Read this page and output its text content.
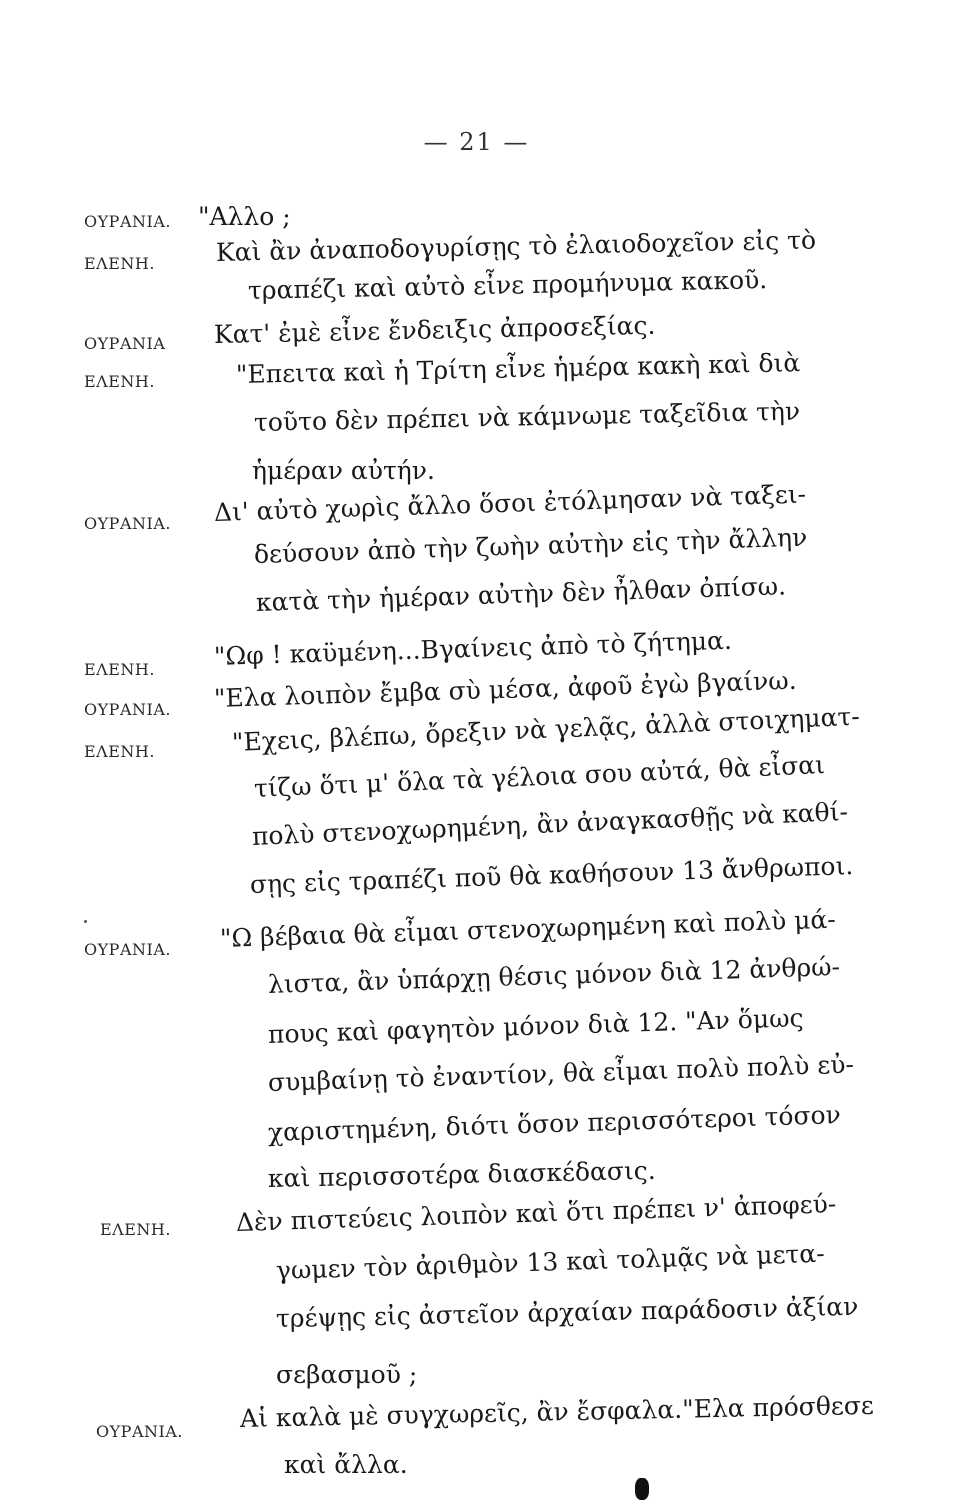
— 21 —
ΟΥΡΑΝΙΑ. "Αλλο ;
ΕΛΕΝΗ. Καὶ ἂν ἀναποδογυρίσῃς τὸ ἐλαιοδοχεῖον εἰς τὸ
τραπέζι καὶ αὐτὸ εἶνε προμήνυμα κακοῦ.
ΟΥΡΑΝΙΑ Κατ' ἐμὲ εἶνε ἔνδειξις ἀπροσεξίας.
ΕΛΕΝΗ.	"Επειτα καὶ ἡ Τρίτη εἶνε ἡμέρα κακὴ καὶ διὰ
τοῦτο δὲν πρέπει νὰ κάμνωμε ταξεῖδια τὴν
ἡμέραν αὐτήν.
ΟΥΡΑΝΙΑ. Δι' αὐτὸ χωρὶς ἄλλο ὅσοι ἐτόλμησαν νὰ ταξει-
δεύσουν ἀπὸ τὴν ζωὴν αὐτὴν εἰς τὴν ἄλλην
κατὰ τὴν ἡμέραν αὐτὴν δὲν ἦλθαν ὀπίσω.
ΕΛΕΝΗ. "Ωφ ! καϋμένη...Βγαίνεις ἀπὸ τὸ ζήτημα.
ΟΥΡΑΝΙΑ. "Ελα λοιπὸν ἔμβα σὺ μέσα, ἀφοῦ ἐγὼ βγαίνω.
ΕΛΕΝΗ.	"Εχεις, βλέπω, ὄρεξιν νὰ γελᾷς, ἀλλὰ στοιχηματ-
τίζω ὅτι μ' ὅλα τὰ γέλοια σου αὐτά, θὰ εἶσαι
πολὺ στενοχωρημένη, ἂν ἀναγκασθῇς νὰ καθί-
σῃς εἰς τραπέζι ποῦ θὰ καθήσουν 13 ἄνθρωποι.
ΟΥΡΑΝΙΑ. "Ω βέβαια θὰ εἶμαι στενοχωρημένη καὶ πολὺ μά-
λιστα, ἂν ὑπάρχῃ θέσις μόνον διὰ 12 ἀνθρώ-
πους καὶ φαγητὸν μόνον διὰ 12. "Αν ὅμως
συμβαίνῃ τὸ ἐναντίον, θὰ εἶμαι πολὺ πολὺ εὐ-
χαριστημένη, διότι ὅσον περισσότεροι τόσον
καὶ περισσοτέρα διασκέδασις.
ΕΛΕΝΗ.	Δὲν πιστεύεις λοιπὸν καὶ ὅτι πρέπει ν' ἀποφεύ-
γωμεν τὸν ἀριθμὸν 13 καὶ τολμᾷς νὰ μετα-
τρέψῃς εἰς ἀστεῖον ἀρχαίαν παράδοσιν ἀξίαν
σεβασμοῦ ;
ΟΥΡΑΝΙΑ. Αἱ καλὰ μὲ συγχωρεῖς, ἂν ἔσφαλα."Ελα πρόσθεσε
καὶ ἄλλα.
